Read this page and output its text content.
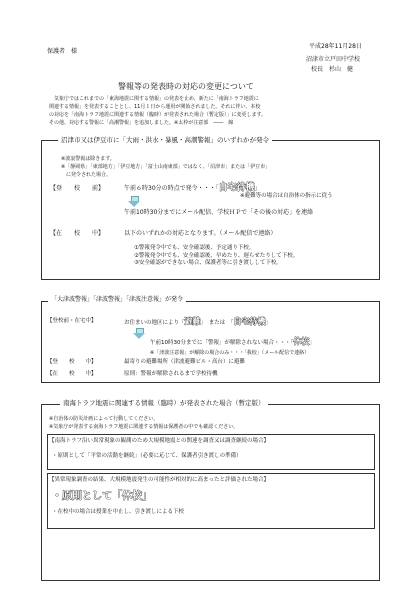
平成28年11月28日
保護者　様
沼津市立戸田中学校
校長　杉山　健
警報等の発表時の対応の変更について
　気象庁ではこれまでの「東海地震に関する情報」の発表を止め、新たに「南海トラフ地震に
関連する情報」を発表することとし、11月１日から運用が開始されました。それに伴い、本校
の対応を「南海トラフ地震に関連する情報（臨時）が発表された場合（暫定版）」に変更します。
その他、対応する警報に「高潮警報」を追加しました。※太枠が注意部　――　線
沼津市又は伊豆市に「大雨・洪水・暴風・高潮警報」のいずれかが発令
※波浪警報は除きます。
※「静岡県」「東部地方」「伊豆地方」「富士山南東部」ではなく、「沼津市」または「伊豆市」
　に発令された場合。
【登　　校　　前】	午前６時30分の時点で発令・・・「自宅待機」
※避難等の場合は自治体の指示に従う
午前10時30分までにメール配信、学校ＨＰで「その後の対応」を連絡
【在　　校　　中】	以下のいずれかの対応となります。（メール配信で連絡）
①警報発令中でも、安全確認後、予定通り下校。
②警報発令中でも、安全確認後、早めたり、遅らせたりして下校。
③安全確認ができない場合、保護者等に引き渡しして下校。
「大津波警報」「津波警報」「津波注意報」が発令
【登校前・在宅中】	お住まいの地区により「避難」　または　「自宅待機」
午前10時30分までに「警報」が解除されない場合・・・「休校」
※「津波注意報」が解除の場合のみ・・・「我校」（メール配信で連絡）
【登　　校　　中】	最寄りの避難場所（津波避難ビル・高台）に避難
【在　　校　　中】	原則：警報が解除されるまで学校待機
南海トラフ地震に関連する情報（臨時）が発表された場合（暫定版）
※自治体の防災計画によって行動してください。
※気象庁が発表する南海トラフ地震に関連する情報は保護者の中でも確認ください。
【南海トラフ沿い異常現象の観測のため大規模地震との関連を調査又は調査継続の場合】
・原則として「平常の活動を継続」（必要に応じて、保護者引き渡しの準備）
【異常現象調査の結果、大規模地震発生の可能性が相対的に高まったと評価された場合】
・原則として「休校」
・在校中の場合は授業を中止し、引き渡しによる下校
